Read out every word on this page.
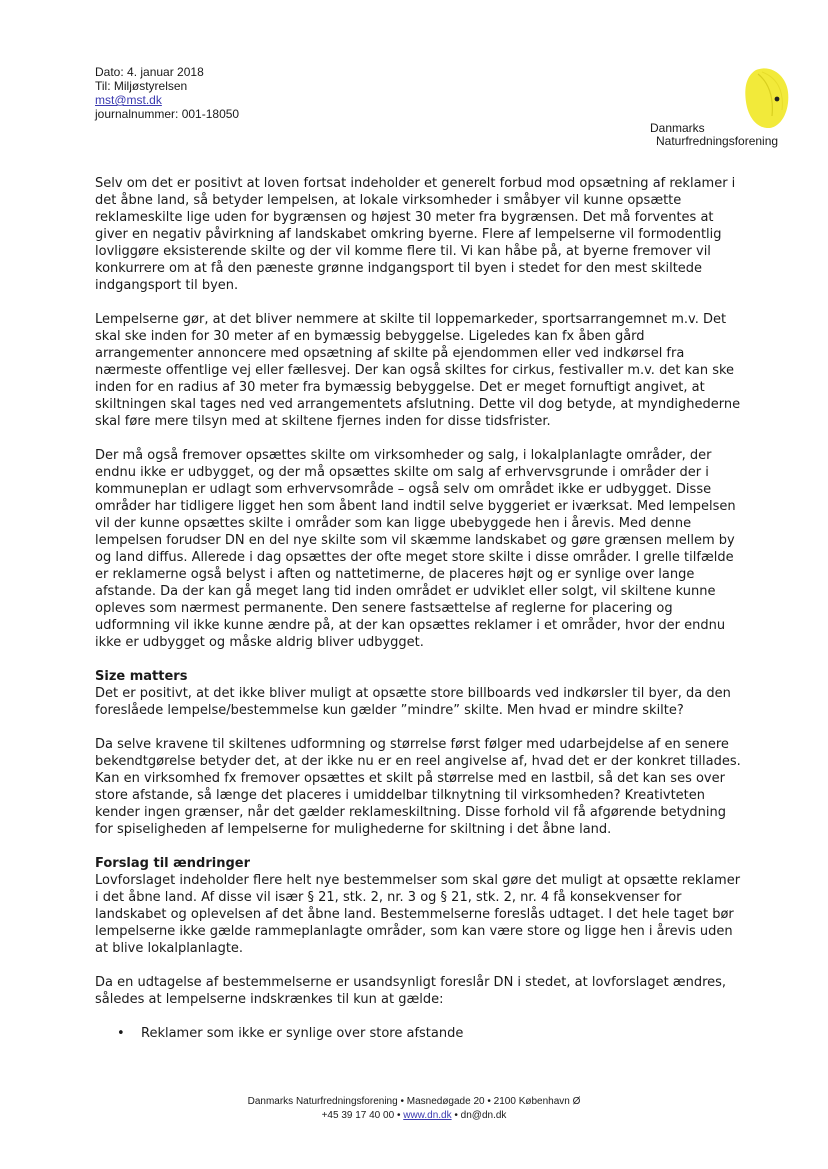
Dato: 4. januar 2018
Til: Miljøstyrelsen
mst@mst.dk
journalnummer: 001-18050
Danmarks
Naturfredningsforening

Selv om det er positivt at loven fortsat indeholder et generelt forbud mod opsætning af reklamer i det åbne land, så betyder lempelsen, at lokale virksomheder i småbyer vil kunne opsætte reklameskilte lige uden for bygrænsen og højest 30 meter fra bygrænsen. Det må forventes at giver en negativ påvirkning af landskabet omkring byerne. Flere af lempelserne vil formodentlig lovliggøre eksisterende skilte og der vil komme flere til. Vi kan håbe på, at byerne fremover vil konkurrere om at få den pæneste grønne indgangsport til byen i stedet for den mest skiltede indgangsport til byen.

Lempelserne gør, at det bliver nemmere at skilte til loppemarkeder, sportsarrangemnet m.v. Det skal ske inden for 30 meter af en bymæssig bebyggelse. Ligeledes kan fx åben gård arrangementer annoncere med opsætning af skilte på ejendommen eller ved indkørsel fra nærmeste offentlige vej eller fællesvej. Der kan også skiltes for cirkus, festivaller m.v. det kan ske inden for en radius af 30 meter fra bymæssig bebyggelse. Det er meget fornuftigt angivet, at skiltningen skal tages ned ved arrangementets afslutning. Dette vil dog betyde, at myndighederne skal føre mere tilsyn med at skiltene fjernes inden for disse tidsfrister.

Der må også fremover opsættes skilte om virksomheder og salg, i lokalplanlagte områder, der endnu ikke er udbygget, og der må opsættes skilte om salg af erhvervsgrunde i områder der i kommuneplan er udlagt som erhvervsområde – også selv om området ikke er udbygget. Disse områder har tidligere ligget hen som åbent land indtil selve byggeriet er iværksat. Med lempelsen vil der kunne opsættes skilte i områder som kan ligge ubebyggede hen i årevis. Med denne lempelsen forudser DN en del nye skilte som vil skæmme landskabet og gøre grænsen mellem by og land diffus. Allerede i dag opsættes der ofte meget store skilte i disse områder. I grelle tilfælde er reklamerne også belyst i aften og nattetimerne, de placeres højt og er synlige over lange afstande. Da der kan gå meget lang tid inden området er udviklet eller solgt, vil skiltene kunne opleves som nærmest permanente. Den senere fastsættelse af reglerne for placering og udformning vil ikke kunne ændre på, at der kan opsættes reklamer i et områder, hvor der endnu ikke er udbygget og måske aldrig bliver udbygget.

Size matters

Det er positivt, at det ikke bliver muligt at opsætte store billboards ved indkørsler til byer, da den foreslåede lempelse/bestemmelse kun gælder ”mindre” skilte. Men hvad er mindre skilte?

Da selve kravene til skiltenes udformning og størrelse først følger med udarbejdelse af en senere bekendtgørelse betyder det, at der ikke nu er en reel angivelse af, hvad det er der konkret tillades. Kan en virksomhed fx fremover opsættes et skilt på størrelse med en lastbil, så det kan ses over store afstande, så længe det placeres i umiddelbar tilknytning til virksomheden? Kreativteten kender ingen grænser, når det gælder reklameskiltning. Disse forhold vil få afgørende betydning for spiseligheden af lempelserne for mulighederne for skiltning i det åbne land.

Forslag til ændringer

Lovforslaget indeholder flere helt nye bestemmelser som skal gøre det muligt at opsætte reklamer i det åbne land. Af disse vil især § 21, stk. 2, nr. 3 og § 21, stk. 2, nr. 4 få konsekvenser for landskabet og oplevelsen af det åbne land. Bestemmelserne foreslås udtaget. I det hele taget bør lempelserne ikke gælde rammeplanlagte områder, som kan være store og ligge hen i årevis uden at blive lokalplanlagte.

Da en udtagelse af bestemmelserne er usandsynligt foreslår DN i stedet, at lovforslaget ændres, således at lempelserne indskrænkes til kun at gælde:

• Reklamer som ikke er synlige over store afstande
Danmarks Naturfredningsforening • Masnedøgade 20 • 2100 København Ø
+45 39 17 40 00 • www.dn.dk • dn@dn.dk
